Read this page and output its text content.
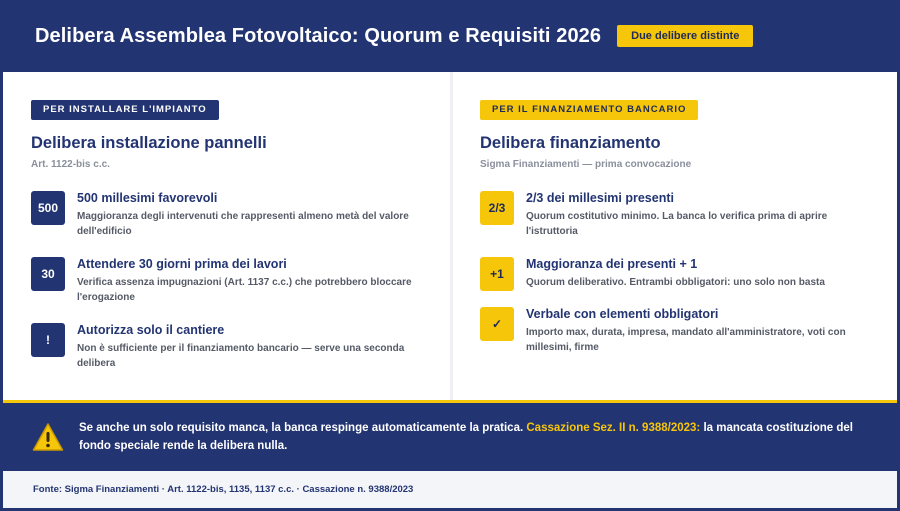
Delibera Assemblea Fotovoltaico: Quorum e Requisiti 2026	Due delibere distinte
PER INSTALLARE L'IMPIANTO
Delibera installazione pannelli
Art. 1122-bis c.c.
500
500 millesimi favorevoli
Maggioranza degli intervenuti che rappresenti almeno metà del valore dell'edificio
30
Attendere 30 giorni prima dei lavori
Verifica assenza impugnazioni (Art. 1137 c.c.) che potrebbero bloccare l'erogazione
!
Autorizza solo il cantiere
Non è sufficiente per il finanziamento bancario — serve una seconda delibera
PER IL FINANZIAMENTO BANCARIO
Delibera finanziamento
Sigma Finanziamenti — prima convocazione
2/3
2/3 dei millesimi presenti
Quorum costitutivo minimo. La banca lo verifica prima di aprire l'istruttoria
+1
Maggioranza dei presenti + 1
Quorum deliberativo. Entrambi obbligatori: uno solo non basta
✓
Verbale con elementi obbligatori
Importo max, durata, impresa, mandato all'amministratore, voti con millesimi, firme
Se anche un solo requisito manca, la banca respinge automaticamente la pratica. Cassazione Sez. II n. 9388/2023: la mancata costituzione del fondo speciale rende la delibera nulla.
Fonte: Sigma Finanziamenti · Art. 1122-bis, 1135, 1137 c.c. · Cassazione n. 9388/2023
